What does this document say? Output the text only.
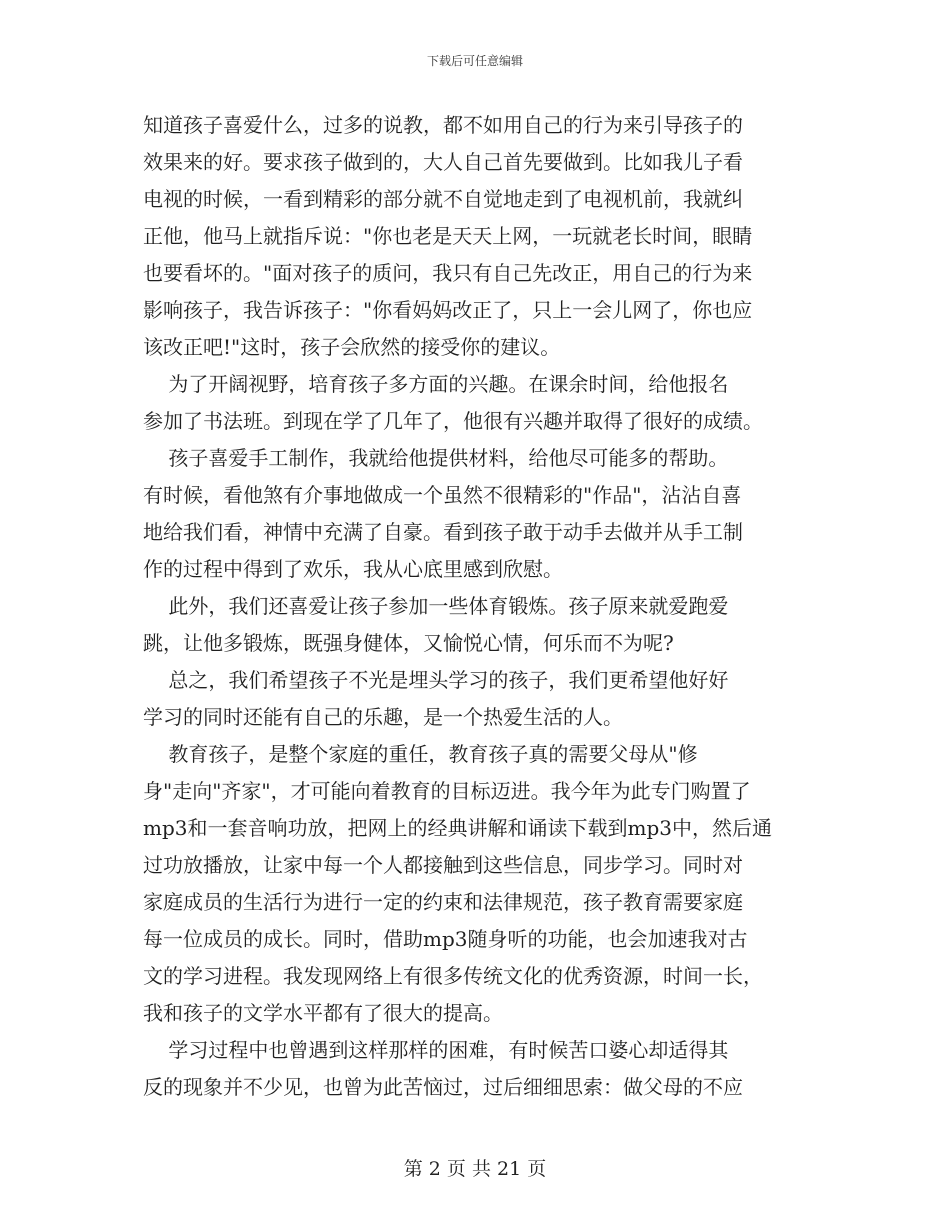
下载后可任意编辑
知道孩子喜爱什么，过多的说教，都不如用自己的行为来引导孩子的
效果来的好。要求孩子做到的，大人自己首先要做到。比如我儿子看
电视的时候，一看到精彩的部分就不自觉地走到了电视机前，我就纠
正他，他马上就指斥说："你也老是天天上网，一玩就老长时间，眼睛
也要看坏的。"面对孩子的质问，我只有自己先改正，用自己的行为来
影响孩子，我告诉孩子："你看妈妈改正了，只上一会儿网了，你也应
该改正吧!"这时，孩子会欣然的接受你的建议。
为了开阔视野，培育孩子多方面的兴趣。在课余时间，给他报名
参加了书法班。到现在学了几年了，他很有兴趣并取得了很好的成绩。
孩子喜爱手工制作，我就给他提供材料，给他尽可能多的帮助。
有时候，看他煞有介事地做成一个虽然不很精彩的"作品"，沾沾自喜
地给我们看，神情中充满了自豪。看到孩子敢于动手去做并从手工制
作的过程中得到了欢乐，我从心底里感到欣慰。
此外，我们还喜爱让孩子参加一些体育锻炼。孩子原来就爱跑爱
跳，让他多锻炼，既强身健体，又愉悦心情，何乐而不为呢?
总之，我们希望孩子不光是埋头学习的孩子，我们更希望他好好
学习的同时还能有自己的乐趣，是一个热爱生活的人。
教育孩子，是整个家庭的重任，教育孩子真的需要父母从"修
身"走向"齐家"，才可能向着教育的目标迈进。我今年为此专门购置了
mp3和一套音响功放，把网上的经典讲解和诵读下载到mp3中，然后通
过功放播放，让家中每一个人都接触到这些信息，同步学习。同时对
家庭成员的生活行为进行一定的约束和法律规范，孩子教育需要家庭
每一位成员的成长。同时，借助mp3随身听的功能，也会加速我对古
文的学习进程。我发现网络上有很多传统文化的优秀资源，时间一长，
我和孩子的文学水平都有了很大的提高。
学习过程中也曾遇到这样那样的困难，有时候苦口婆心却适得其
反的现象并不少见，也曾为此苦恼过，过后细细思索：做父母的不应
第 2 页 共 21 页
